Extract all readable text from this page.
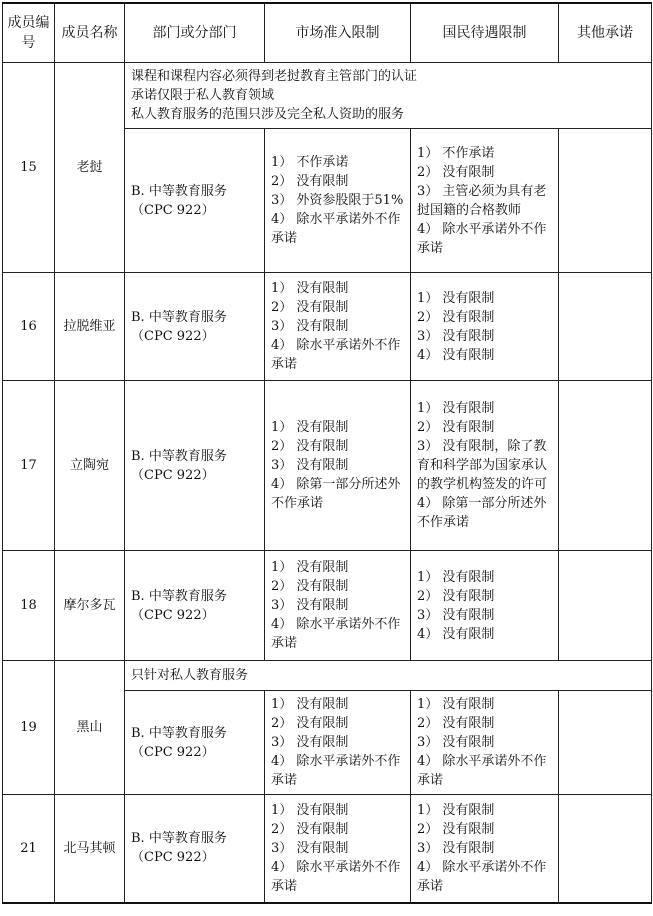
成员编号	成员名称	部门或分部门	市场准入限制	国民待遇限制	其他承诺
15	老挝	课程和课程内容必须得到老挝教育主管部门的认证
承诺仅限于私人教育领域
私人教育服务的范围只涉及完全私人资助的服务			

		B. 中等教育服务
（CPC 922）	1） 不作承诺
2） 没有限制
3） 外资参股限于51%
4） 除水平承诺外不作承诺	1） 不作承诺
2） 没有限制
3） 主管必须为具有老挝国籍的合格教师
4） 除水平承诺外不作承诺	

16	拉脱维亚	B. 中等教育服务
（CPC 922）	1） 没有限制
2） 没有限制
3） 没有限制
4） 除水平承诺外不作承诺	1） 没有限制
2） 没有限制
3） 没有限制
4） 没有限制	

17	立陶宛	B. 中等教育服务
（CPC 922）	1） 没有限制
2） 没有限制
3） 没有限制
4） 除第一部分所述外不作承诺	1） 没有限制
2） 没有限制
3） 没有限制，除了教育和科学部为国家承认的教学机构签发的许可
4） 除第一部分所述外不作承诺	

18	摩尔多瓦	B. 中等教育服务
（CPC 922）	1） 没有限制
2） 没有限制
3） 没有限制
4） 除水平承诺外不作承诺	1） 没有限制
2） 没有限制
3） 没有限制
4） 没有限制	

19	黑山	只针对私人教育服务			

		B. 中等教育服务
（CPC 922）	1） 没有限制
2） 没有限制
3） 没有限制
4） 除水平承诺外不作承诺	1） 没有限制
2） 没有限制
3） 没有限制
4） 除水平承诺外不作承诺	

21	北马其顿	B. 中等教育服务
（CPC 922）	1） 没有限制
2） 没有限制
3） 没有限制
4） 除水平承诺外不作承诺	1） 没有限制
2） 没有限制
3） 没有限制
4） 除水平承诺外不作承诺	
